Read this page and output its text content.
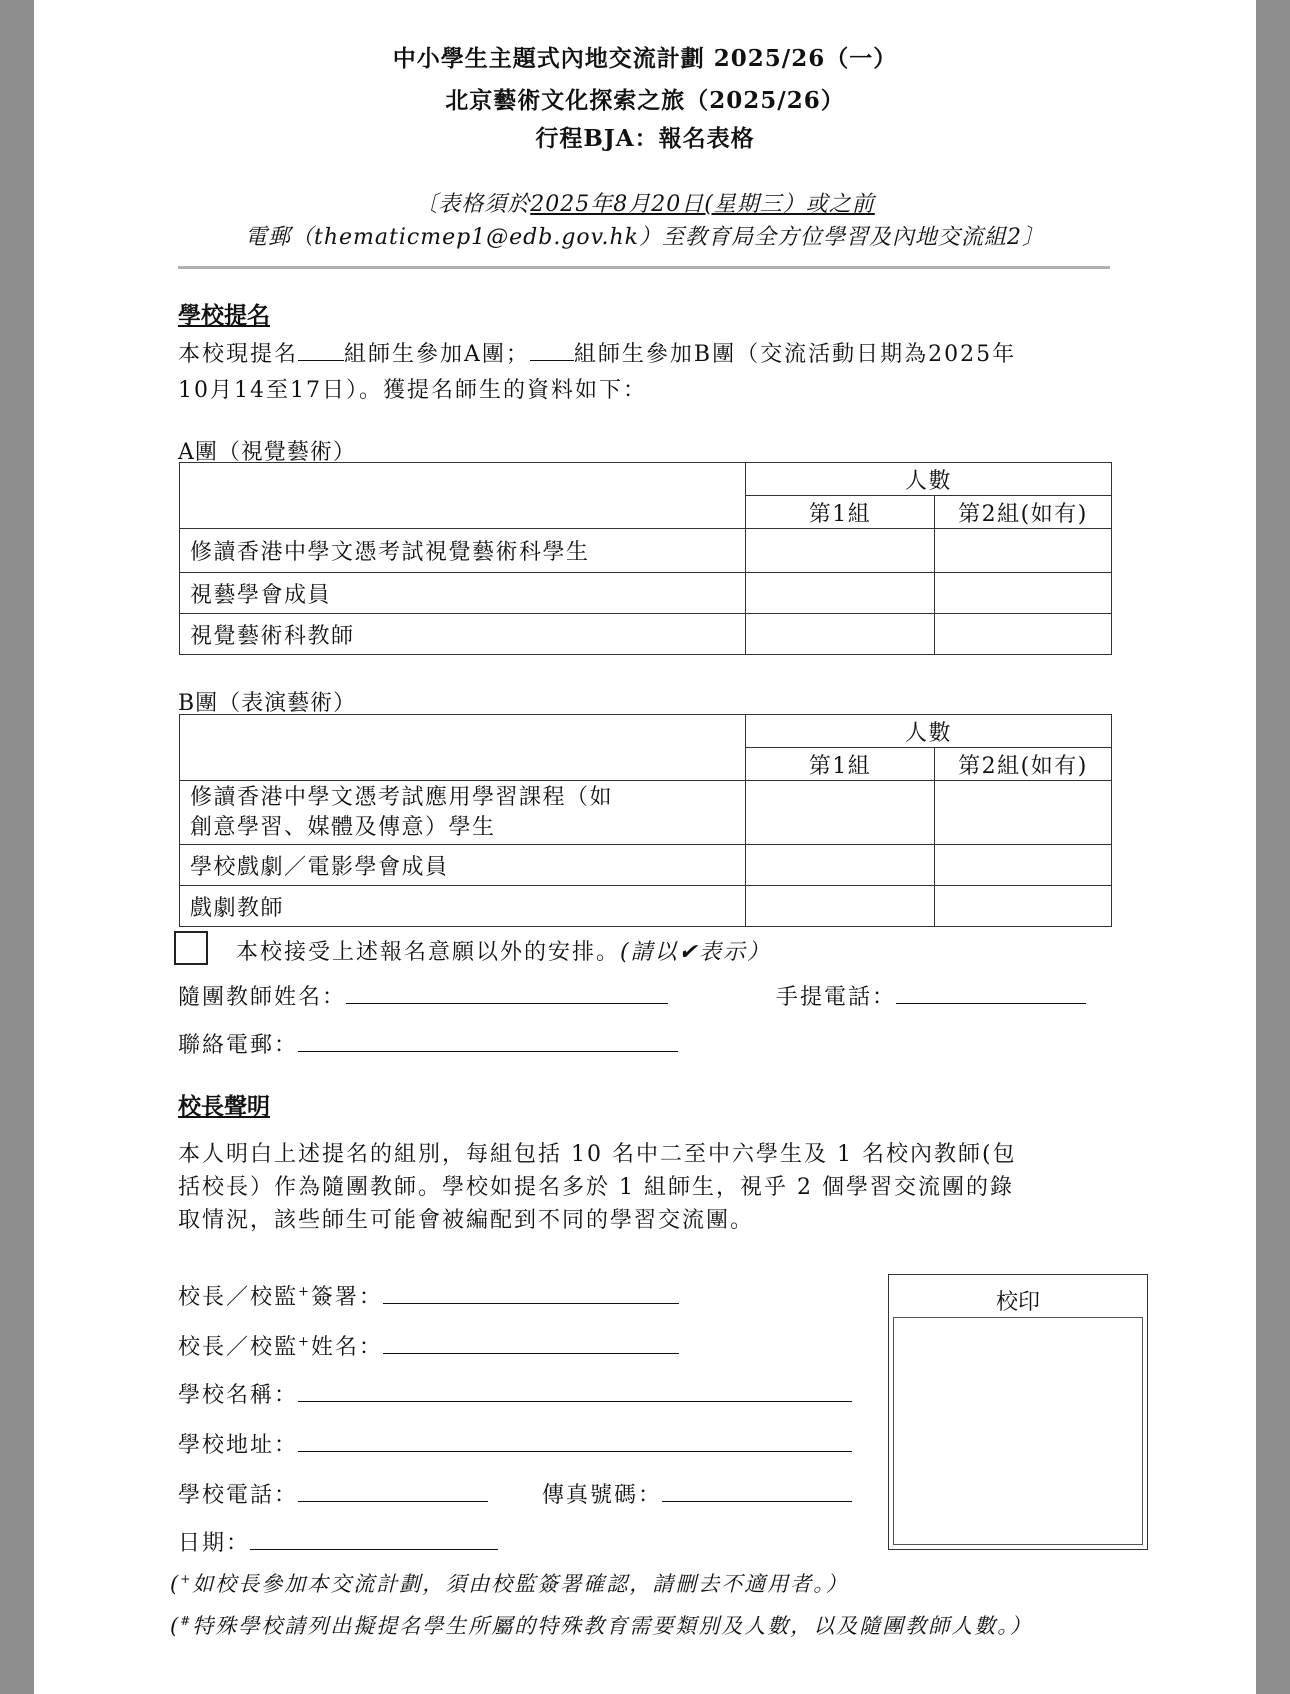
中小學生主題式內地交流計劃 2025/26（一）
北京藝術文化探索之旅（2025/26）
行程BJA：報名表格
〔表格須於2025年8月20日(星期三）或之前
電郵（thematicmep1@edb.gov.hk）至教育局全方位學習及內地交流組2〕
學校提名
本校現提名 組師生參加A團； 組師生參加B團（交流活動日期為2025年
10月14至17日）。獲提名師生的資料如下：
A團（視覺藝術）
	人數	
	第1組	第2組(如有)
修讀香港中學文憑考試視覺藝術科學生		
視藝學會成員		
視覺藝術科教師		
B團（表演藝術）
	人數	
	第1組	第2組(如有)

修讀香港中學文憑考試應用學習課程（如
創意學習、媒體及傳意）學生		

學校戲劇／電影學會成員		
戲劇教師		
本校接受上述報名意願以外的安排。(請以✔表示）
隨團教師姓名：	手提電話：
聯絡電郵：
校長聲明
本人明白上述提名的組別，每組包括 10 名中二至中六學生及 1 名校內教師(包
括校長）作為隨團教師。學校如提名多於 1 組師生，視乎 2 個學習交流團的錄
取情況，該些師生可能會被編配到不同的學習交流團。
校長／校監+簽署：
校長／校監+姓名：
學校名稱：
學校地址：
學校電話：	傳真號碼：
日期：
校印
(+如校長參加本交流計劃，須由校監簽署確認，請刪去不適用者。）
(#特殊學校請列出擬提名學生所屬的特殊教育需要類別及人數，以及隨團教師人數。）
